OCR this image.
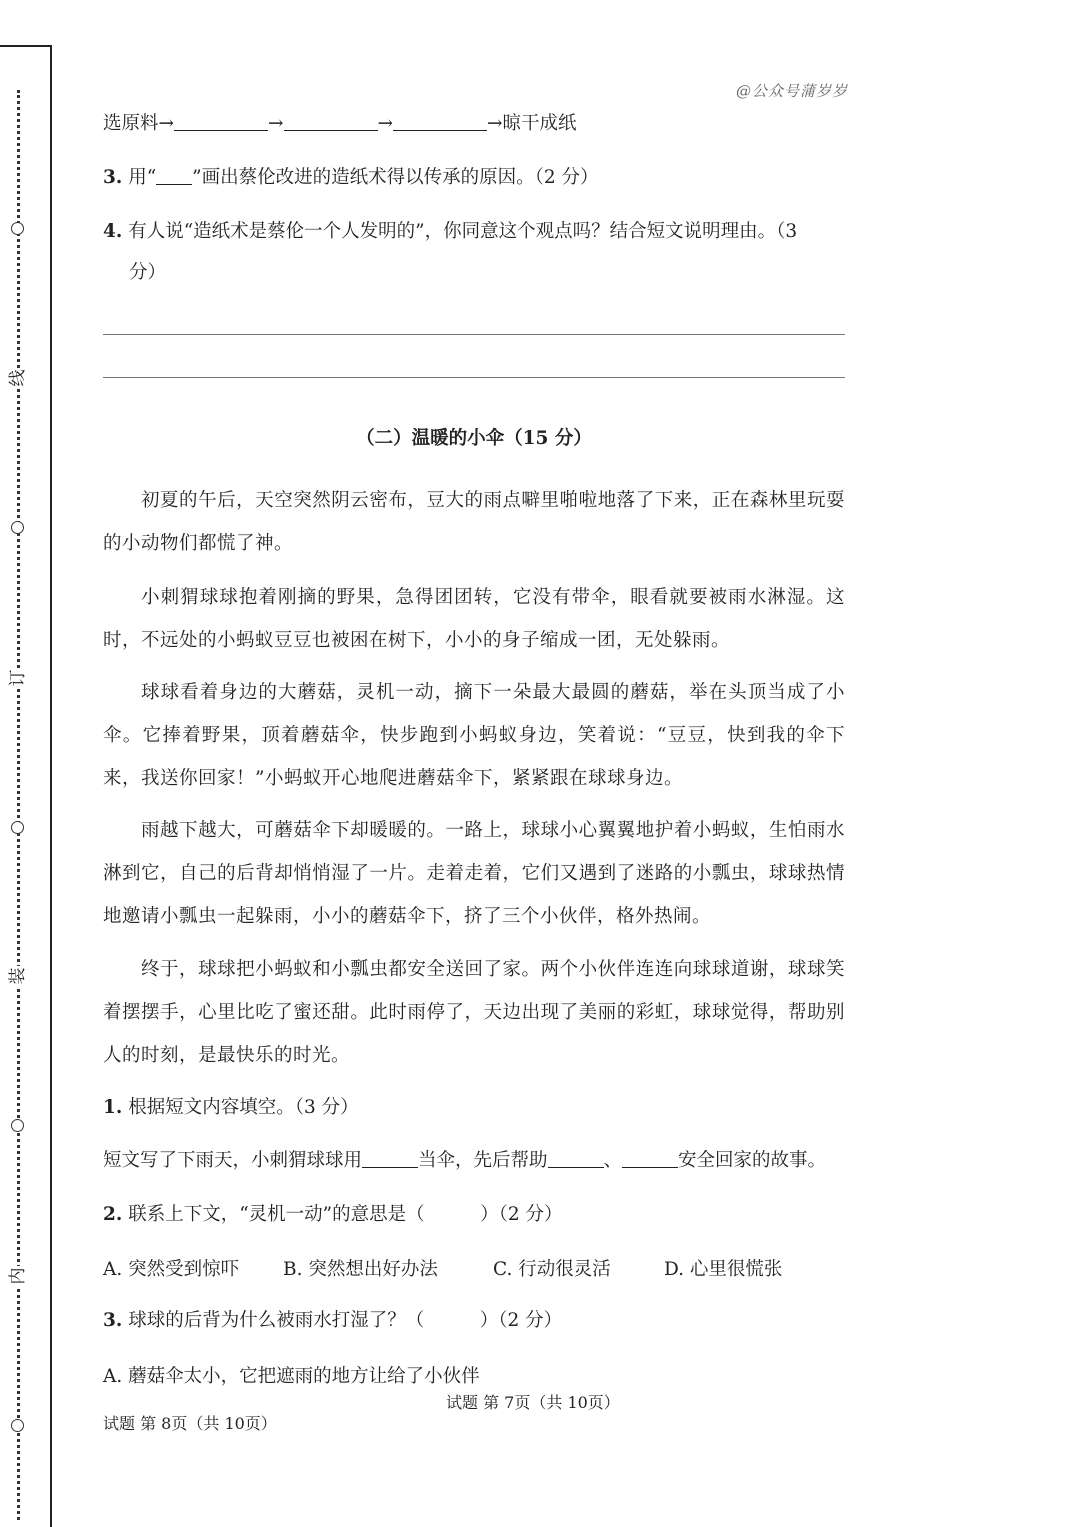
线
订
装
内
@公众号蒲岁岁
选原料→	→	→	→晾干成纸
3. 用“ ”画出蔡伦改进的造纸术得以传承的原因。（2 分）
4. 有人说“造纸术是蔡伦一个人发明的”，你同意这个观点吗？结合短文说明理由。（3
分）
（二）温暖的小伞（15 分）
初夏的午后，天空突然阴云密布，豆大的雨点噼里啪啦地落了下来，正在森林里玩耍的小动物们都慌了神。
小刺猬球球抱着刚摘的野果，急得团团转，它没有带伞，眼看就要被雨水淋湿。这时，不远处的小蚂蚁豆豆也被困在树下，小小的身子缩成一团，无处躲雨。
球球看着身边的大蘑菇，灵机一动，摘下一朵最大最圆的蘑菇，举在头顶当成了小伞。它捧着野果，顶着蘑菇伞，快步跑到小蚂蚁身边，笑着说：“豆豆，快到我的伞下来，我送你回家！”小蚂蚁开心地爬进蘑菇伞下，紧紧跟在球球身边。
雨越下越大，可蘑菇伞下却暖暖的。一路上，球球小心翼翼地护着小蚂蚁，生怕雨水淋到它，自己的后背却悄悄湿了一片。走着走着，它们又遇到了迷路的小瓢虫，球球热情地邀请小瓢虫一起躲雨，小小的蘑菇伞下，挤了三个小伙伴，格外热闹。
终于，球球把小蚂蚁和小瓢虫都安全送回了家。两个小伙伴连连向球球道谢，球球笑着摆摆手，心里比吃了蜜还甜。此时雨停了，天边出现了美丽的彩虹，球球觉得，帮助别人的时刻，是最快乐的时光。
1. 根据短文内容填空。（3 分）
短文写了下雨天，小刺猬球球用	当伞，先后帮助	、	安全回家的故事。
2. 联系上下文，“灵机一动”的意思是（　　　）（2 分）
A. 突然受到惊吓 B. 突然想出好办法	C. 行动很灵活	D. 心里很慌张
3. 球球的后背为什么被雨水打湿了？（　　　）（2 分）
A. 蘑菇伞太小，它把遮雨的地方让给了小伙伴
试题 第 7页（共 10页）
试题 第 8页（共 10页）
